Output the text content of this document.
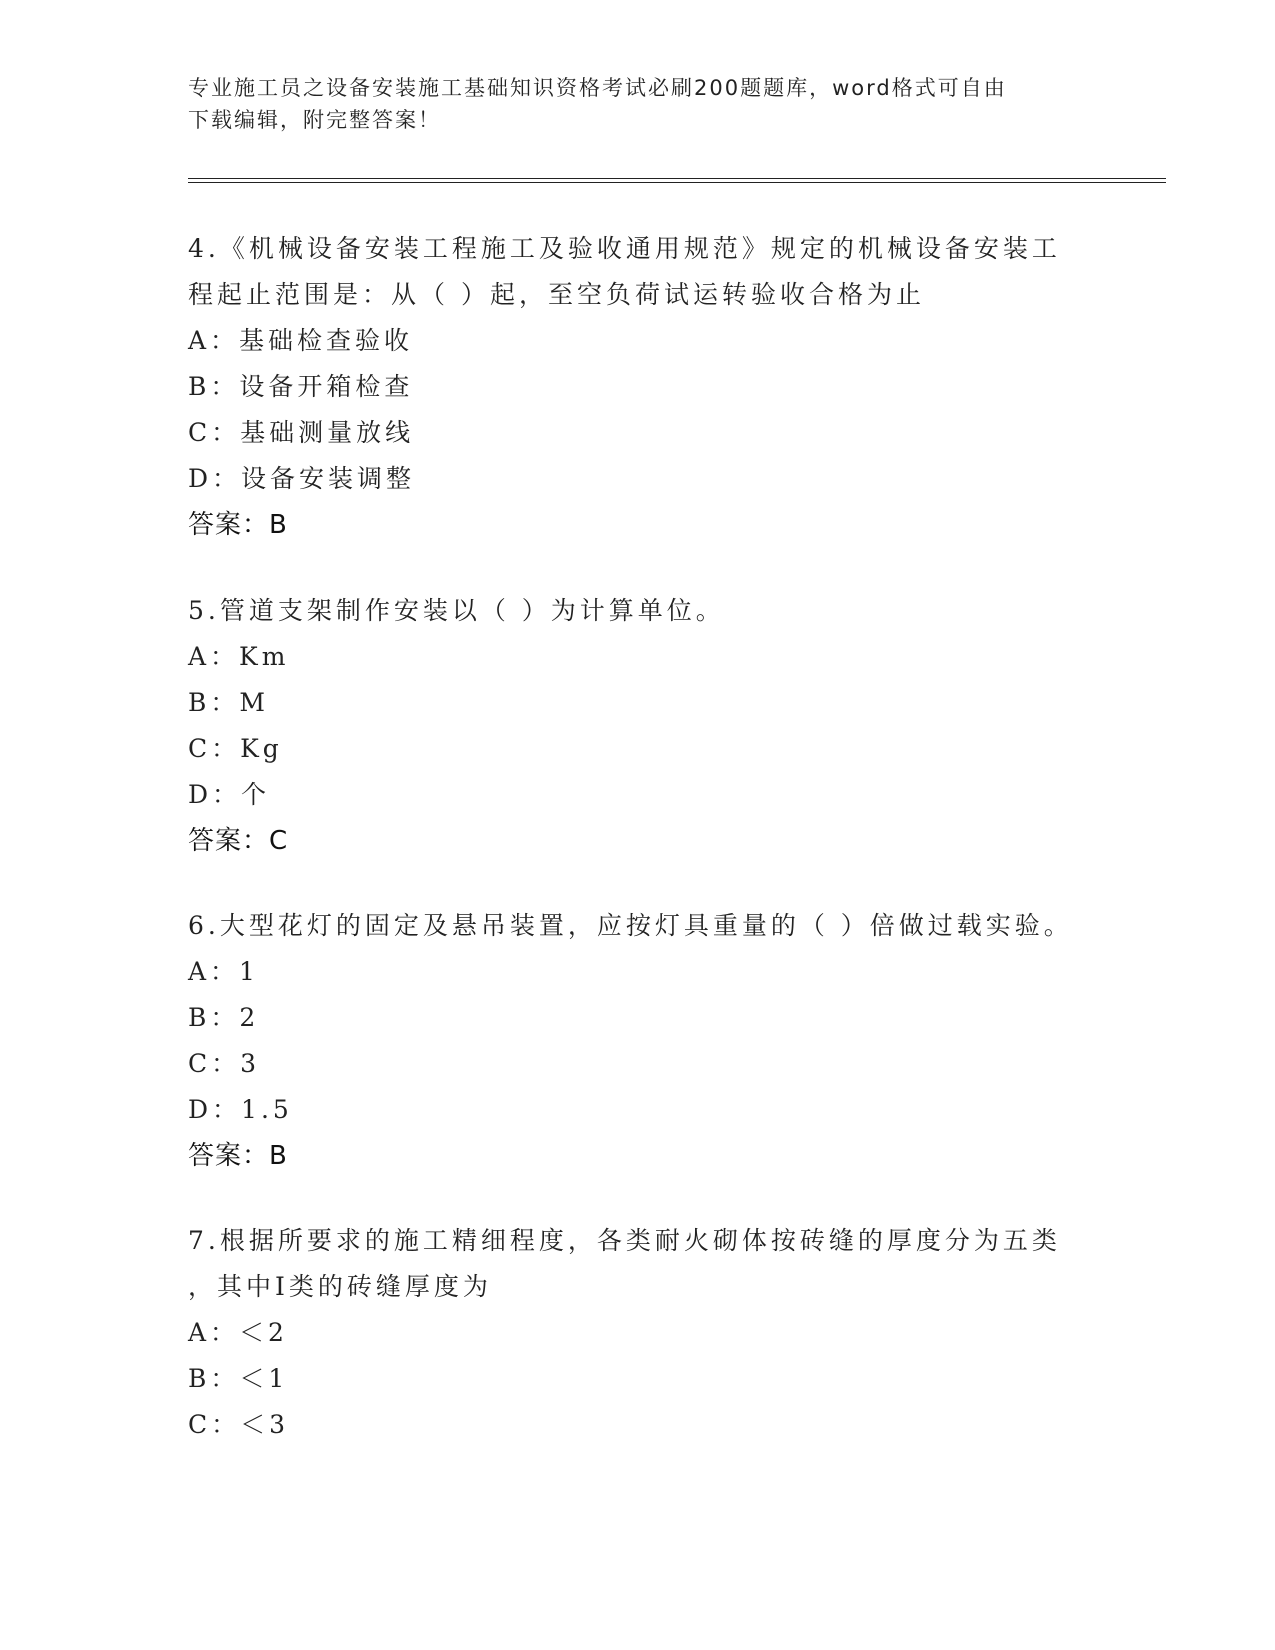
专业施工员之设备安装施工基础知识资格考试必刷200题题库，word格式可自由
下载编辑，附完整答案！
4.《机械设备安装工程施工及验收通用规范》规定的机械设备安装工
程起止范围是：从（ ）起，至空负荷试运转验收合格为止
A：基础检查验收
B：设备开箱检查
C：基础测量放线
D：设备安装调整
答案：B
5.管道支架制作安装以（ ）为计算单位。
A：Km
B：M
C：Kg
D：个
答案：C
6.大型花灯的固定及悬吊装置，应按灯具重量的（ ）倍做过载实验。
A：1
B：2
C：3
D：1.5
答案：B
7.根据所要求的施工精细程度，各类耐火砌体按砖缝的厚度分为五类
，其中Ⅰ类的砖缝厚度为
A：＜2
B：＜1
C：＜3
